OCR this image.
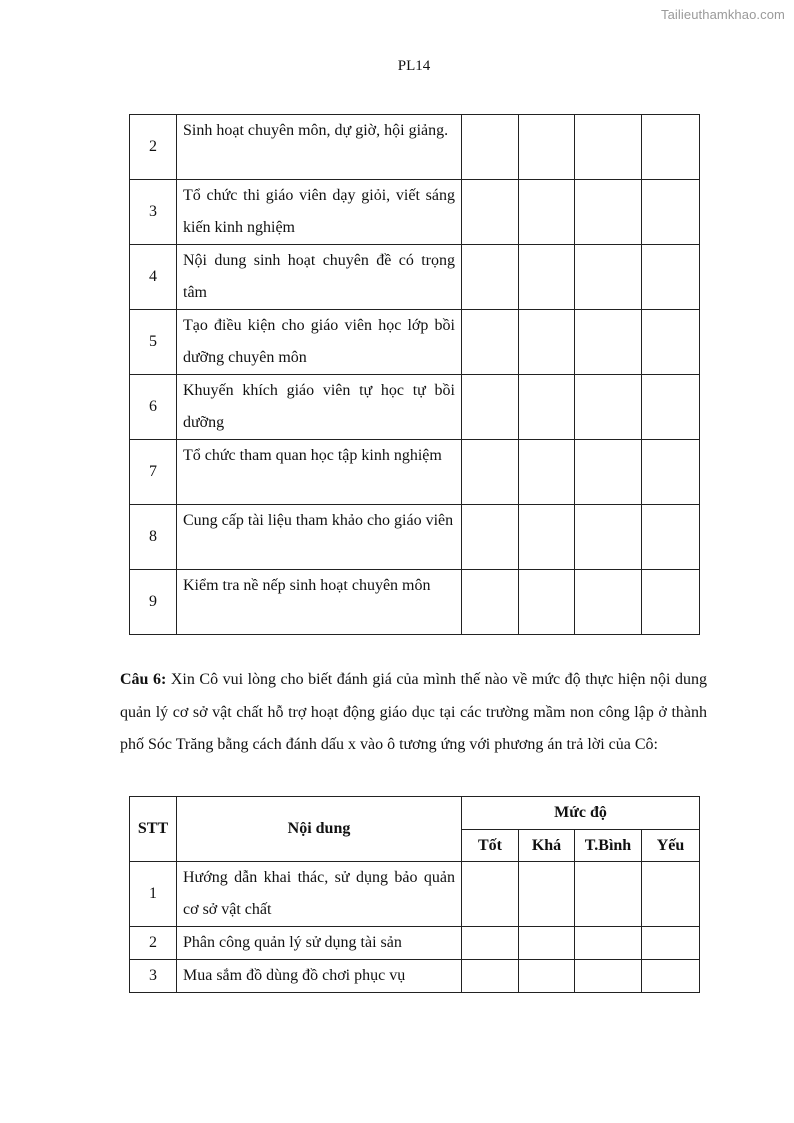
Tailieuthamkhao.com
PL14
2	Sinh hoạt chuyên môn, dự giờ, hội giảng.				
3	Tổ chức thi giáo viên dạy giỏi, viết sáng kiến kinh nghiệm				
4	Nội dung sinh hoạt chuyên đề có trọng tâm				
5	Tạo điều kiện cho giáo viên học lớp bồi dưỡng chuyên môn				
6	Khuyến khích giáo viên tự học tự bồi dưỡng				
7	Tổ chức tham quan học tập kinh nghiệm				
8	Cung cấp tài liệu tham khảo cho giáo viên				
9	Kiểm tra nề nếp sinh hoạt chuyên môn				

Câu 6: Xin Cô vui lòng cho biết đánh giá của mình thế nào về mức độ thực hiện nội dung quản lý cơ sở vật chất hỗ trợ hoạt động giáo dục tại các trường mầm non công lập ở thành phố Sóc Trăng bằng cách đánh dấu x vào ô tương ứng với phương án trả lời của Cô:

STT	Nội dung	Mức độ			
		Tốt	Khá	T.Bình	Yếu
1	Hướng dẫn khai thác, sử dụng bảo quản cơ sở vật chất				
2	Phân công quản lý sử dụng tài sản				
3	Mua sắm đồ dùng đồ chơi phục vụ				
